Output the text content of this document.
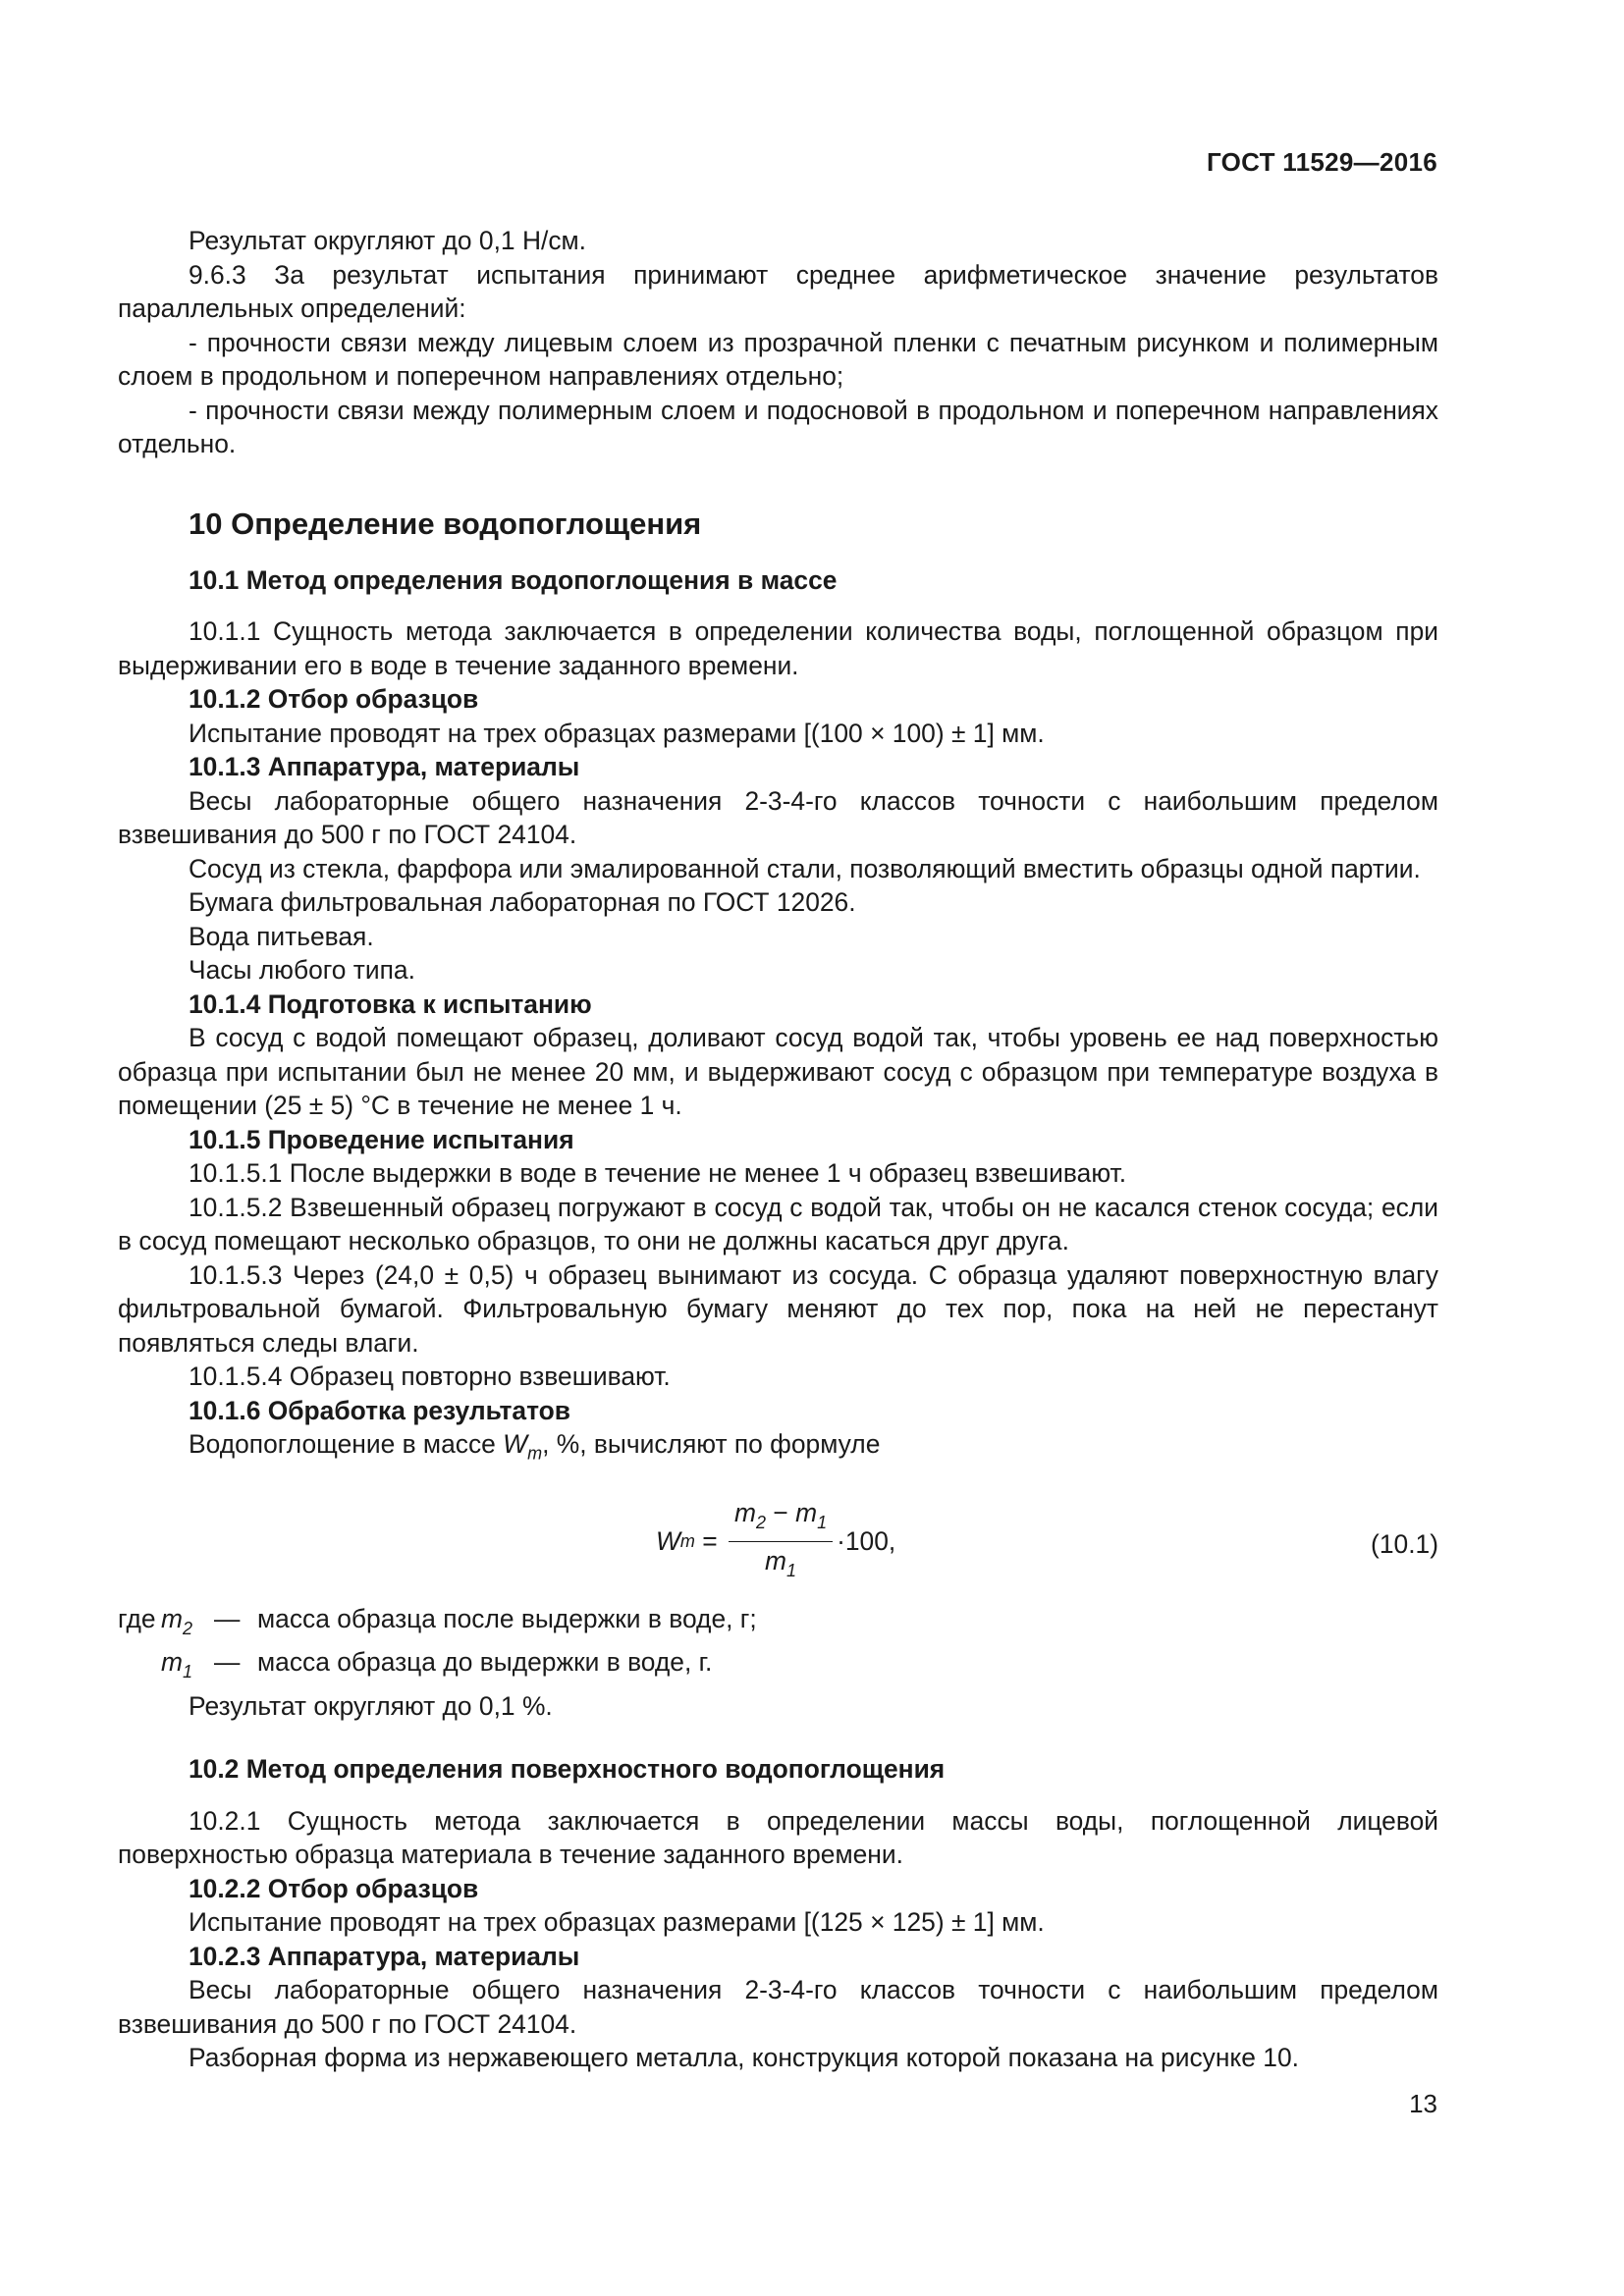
ГОСТ 11529—2016

Результат округляют до 0,1 Н/см.

9.6.3 За результат испытания принимают среднее арифметическое значение результатов параллельных определений:

- прочности связи между лицевым слоем из прозрачной пленки с печатным рисунком и полимерным слоем в продольном и поперечном направлениях отдельно;

- прочности связи между полимерным слоем и подосновой в продольном и поперечном направлениях отдельно.

10 Определение водопоглощения
10.1 Метод определения водопоглощения в массе

10.1.1 Сущность метода заключается в определении количества воды, поглощенной образцом при выдерживании его в воде в течение заданного времени.

10.1.2 Отбор образцов

Испытание проводят на трех образцах размерами [(100 × 100) ± 1] мм.

10.1.3 Аппаратура, материалы

Весы лабораторные общего назначения 2-3-4-го классов точности с наибольшим пределом взвешивания до 500 г по ГОСТ 24104.

Сосуд из стекла, фарфора или эмалированной стали, позволяющий вместить образцы одной партии.

Бумага фильтровальная лабораторная по ГОСТ 12026.

Вода питьевая.

Часы любого типа.

10.1.4 Подготовка к испытанию

В сосуд с водой помещают образец, доливают сосуд водой так, чтобы уровень ее над поверхностью образца при испытании был не менее 20 мм, и выдерживают сосуд с образцом при температуре воздуха в помещении (25 ± 5) °С в течение не менее 1 ч.

10.1.5 Проведение испытания

10.1.5.1 После выдержки в воде в течение не менее 1 ч образец взвешивают.

10.1.5.2 Взвешенный образец погружают в сосуд с водой так, чтобы он не касался стенок сосуда; если в сосуд помещают несколько образцов, то они не должны касаться друг друга.

10.1.5.3 Через (24,0 ± 0,5) ч образец вынимают из сосуда. С образца удаляют поверхностную влагу фильтровальной бумагой. Фильтровальную бумагу меняют до тех пор, пока на ней не перестанут появляться следы влаги.

10.1.5.4 Образец повторно взвешивают.

10.1.6 Обработка результатов

Водопоглощение в массе $W_m$, %, вычисляют по формуле

W $m = \frac{m_2 - m_1}{m_1} \cdot 100$,	(10.1)
где $m_2$ — масса образца после выдержки в воде, г;
$m_1$ — масса образца до выдержки в воде, г.

Результат округляют до 0,1 %.

10.2 Метод определения поверхностного водопоглощения

10.2.1 Сущность метода заключается в определении массы воды, поглощенной лицевой поверхностью образца материала в течение заданного времени.

10.2.2 Отбор образцов

Испытание проводят на трех образцах размерами [(125 × 125) ± 1] мм.

10.2.3 Аппаратура, материалы

Весы лабораторные общего назначения 2-3-4-го классов точности с наибольшим пределом взвешивания до 500 г по ГОСТ 24104.

Разборная форма из нержавеющего металла, конструкция которой показана на рисунке 10.

13
